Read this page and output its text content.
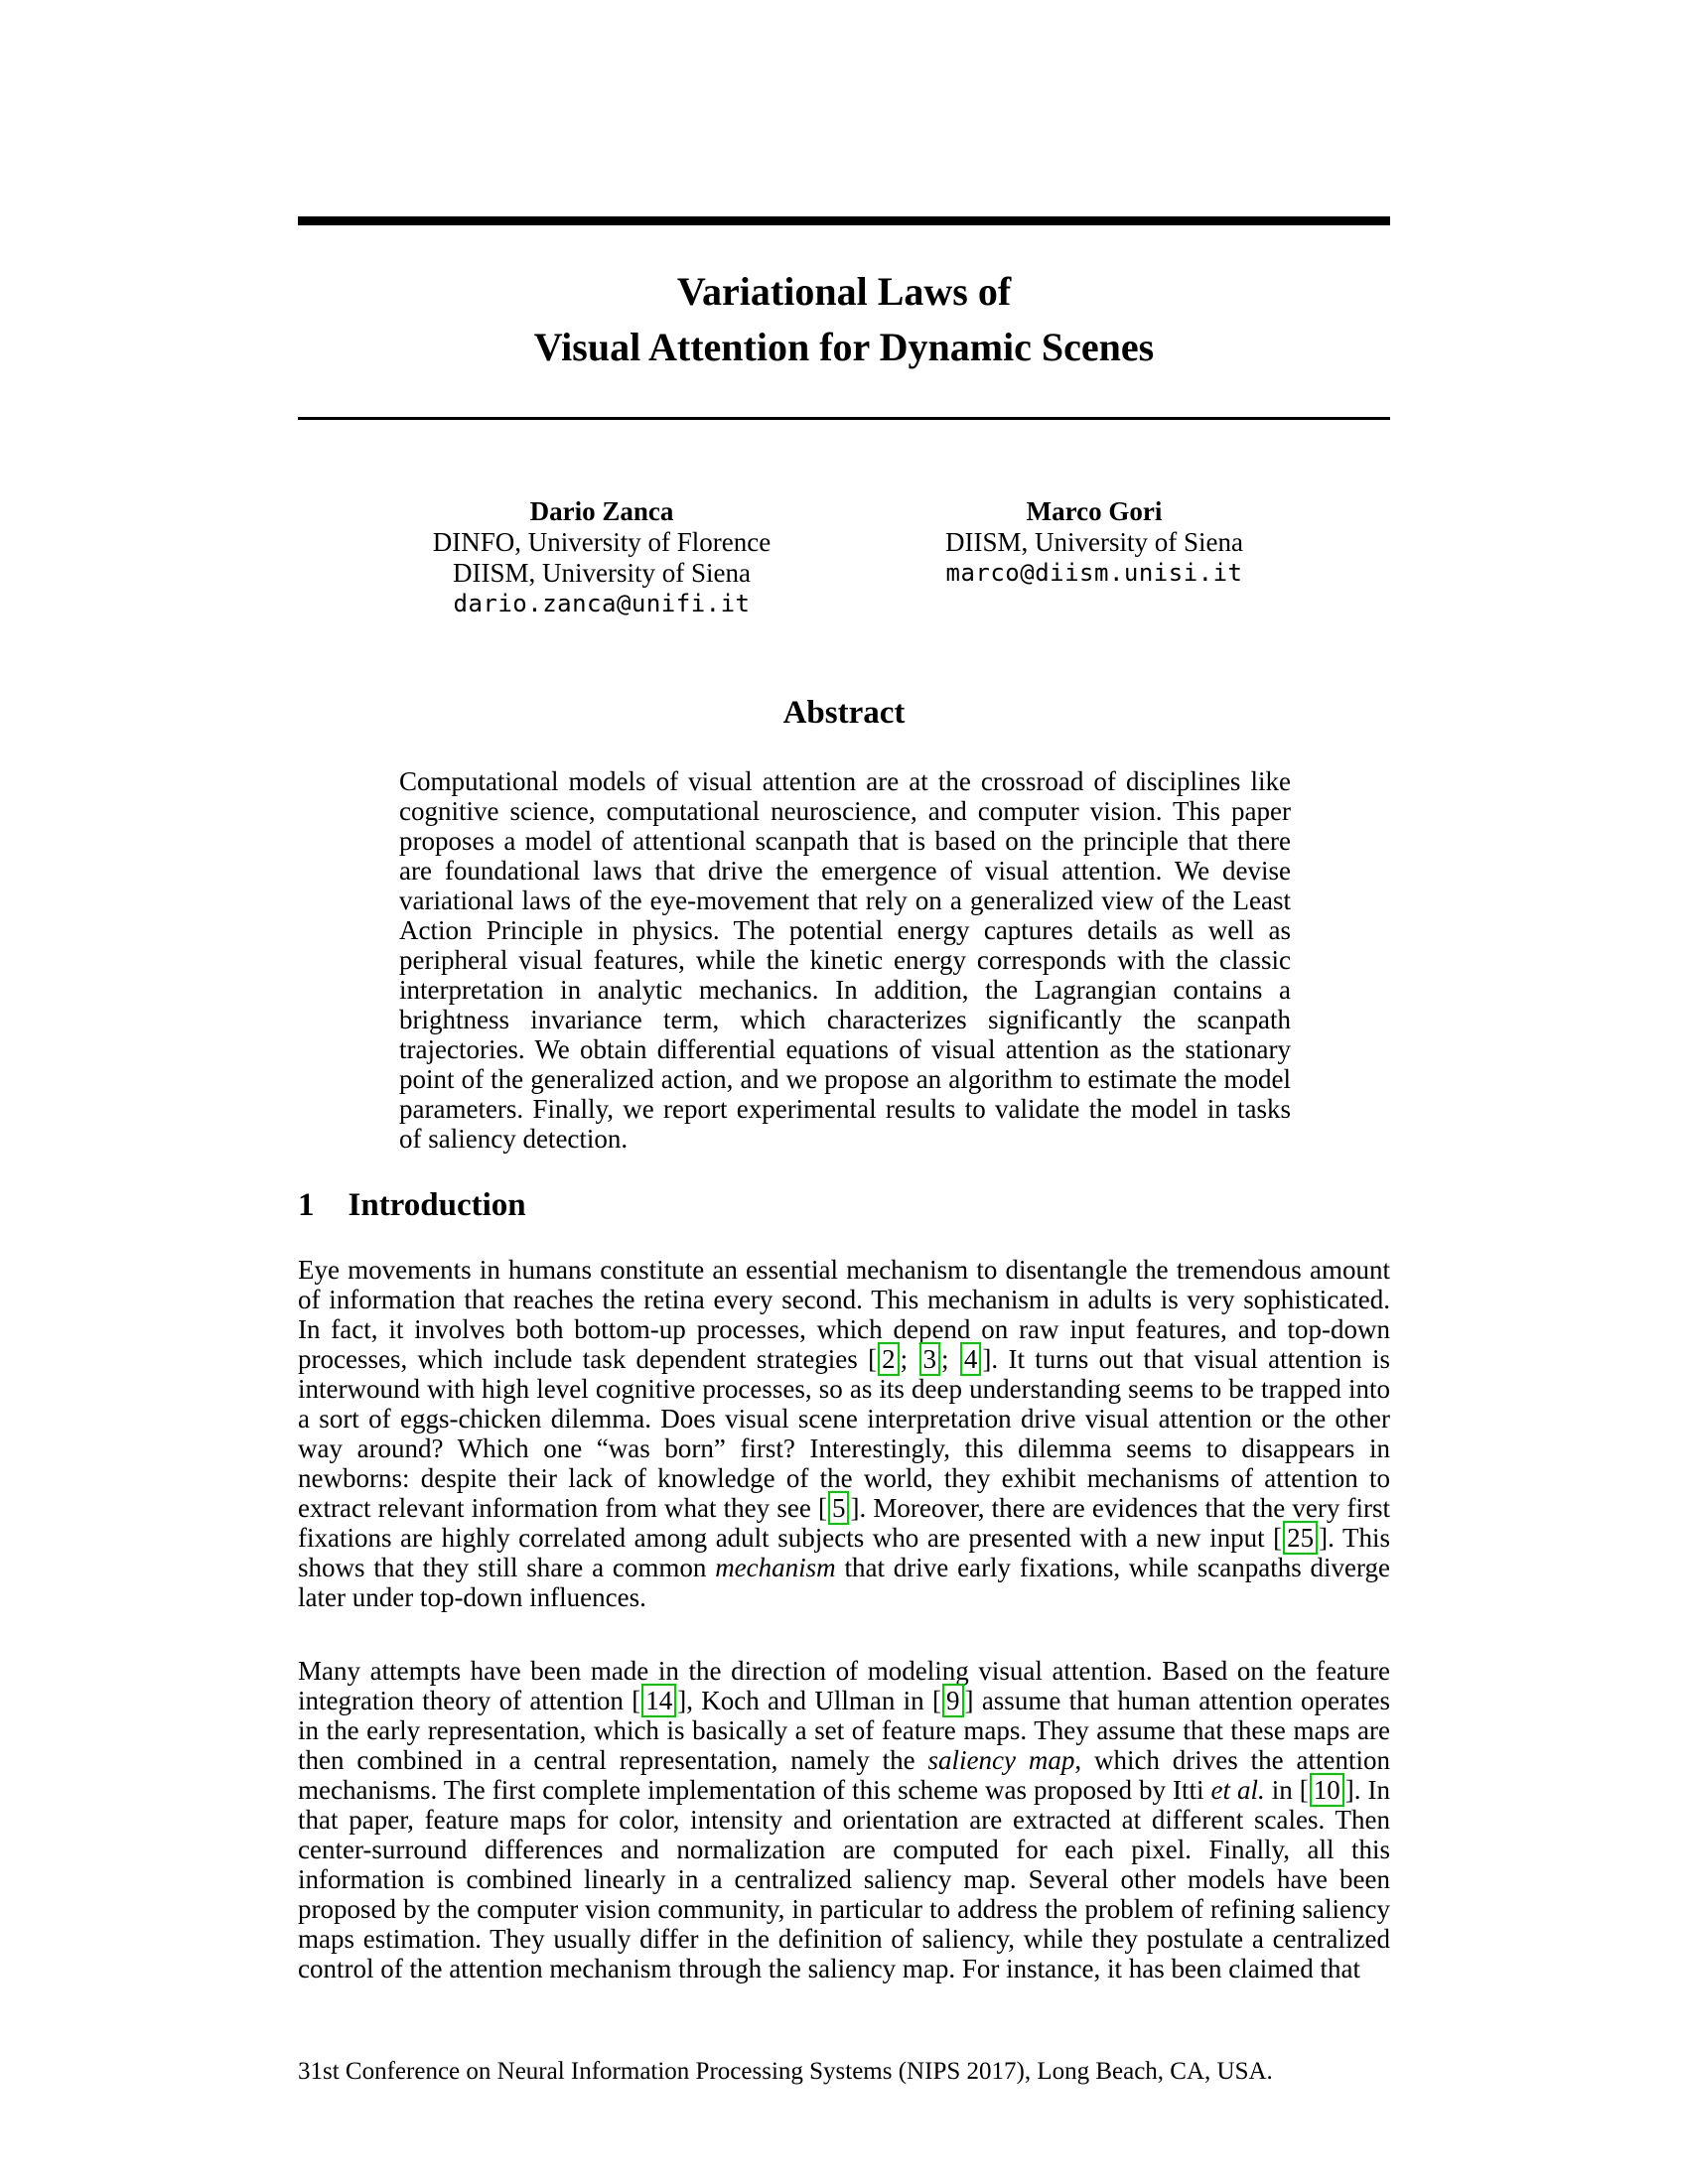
Variational Laws of
Visual Attention for Dynamic Scenes
Dario Zanca
DINFO, University of Florence
DIISM, University of Siena
dario.zanca@unifi.it
Marco Gori
DIISM, University of Siena
marco@diism.unisi.it
Abstract
Computational models of visual attention are at the crossroad of disciplines like cognitive science, computational neuroscience, and computer vision. This paper proposes a model of attentional scanpath that is based on the principle that there are foundational laws that drive the emergence of visual attention. We devise variational laws of the eye-movement that rely on a generalized view of the Least Action Principle in physics. The potential energy captures details as well as peripheral visual features, while the kinetic energy corresponds with the classic interpretation in analytic mechanics. In addition, the Lagrangian contains a brightness invariance term, which characterizes significantly the scanpath trajectories. We obtain differential equations of visual attention as the stationary point of the generalized action, and we propose an algorithm to estimate the model parameters. Finally, we report experimental results to validate the model in tasks of saliency detection.
1 Introduction

Eye movements in humans constitute an essential mechanism to disentangle the tremendous amount of information that reaches the retina every second. This mechanism in adults is very sophisticated. In fact, it involves both bottom-up processes, which depend on raw input features, and top-down processes, which include task dependent strategies [ 2 ; 3 ; 4 ]. It turns out that visual attention is interwound with high level cognitive processes, so as its deep understanding seems to be trapped into a sort of eggs-chicken dilemma. Does visual scene interpretation drive visual attention or the other way around? Which one “was born” first? Interestingly, this dilemma seems to disappears in newborns: despite their lack of knowledge of the world, they exhibit mechanisms of attention to extract relevant information from what they see [ 5 ]. Moreover, there are evidences that the very first fixations are highly correlated among adult subjects who are presented with a new input [ 25 ]. This shows that they still share a common mechanism that drive early fixations, while scanpaths diverge later under top-down influences.

Many attempts have been made in the direction of modeling visual attention. Based on the feature integration theory of attention [ 14 ], Koch and Ullman in [ 9 ] assume that human attention operates in the early representation, which is basically a set of feature maps. They assume that these maps are then combined in a central representation, namely the saliency map, which drives the attention mechanisms. The first complete implementation of this scheme was proposed by Itti et al. in [ 10 ]. In that paper, feature maps for color, intensity and orientation are extracted at different scales. Then center-surround differences and normalization are computed for each pixel. Finally, all this information is combined linearly in a centralized saliency map. Several other models have been proposed by the computer vision community, in particular to address the problem of refining saliency maps estimation. They usually differ in the definition of saliency, while they postulate a centralized control of the attention mechanism through the saliency map. For instance, it has been claimed that

31st Conference on Neural Information Processing Systems (NIPS 2017), Long Beach, CA, USA.
